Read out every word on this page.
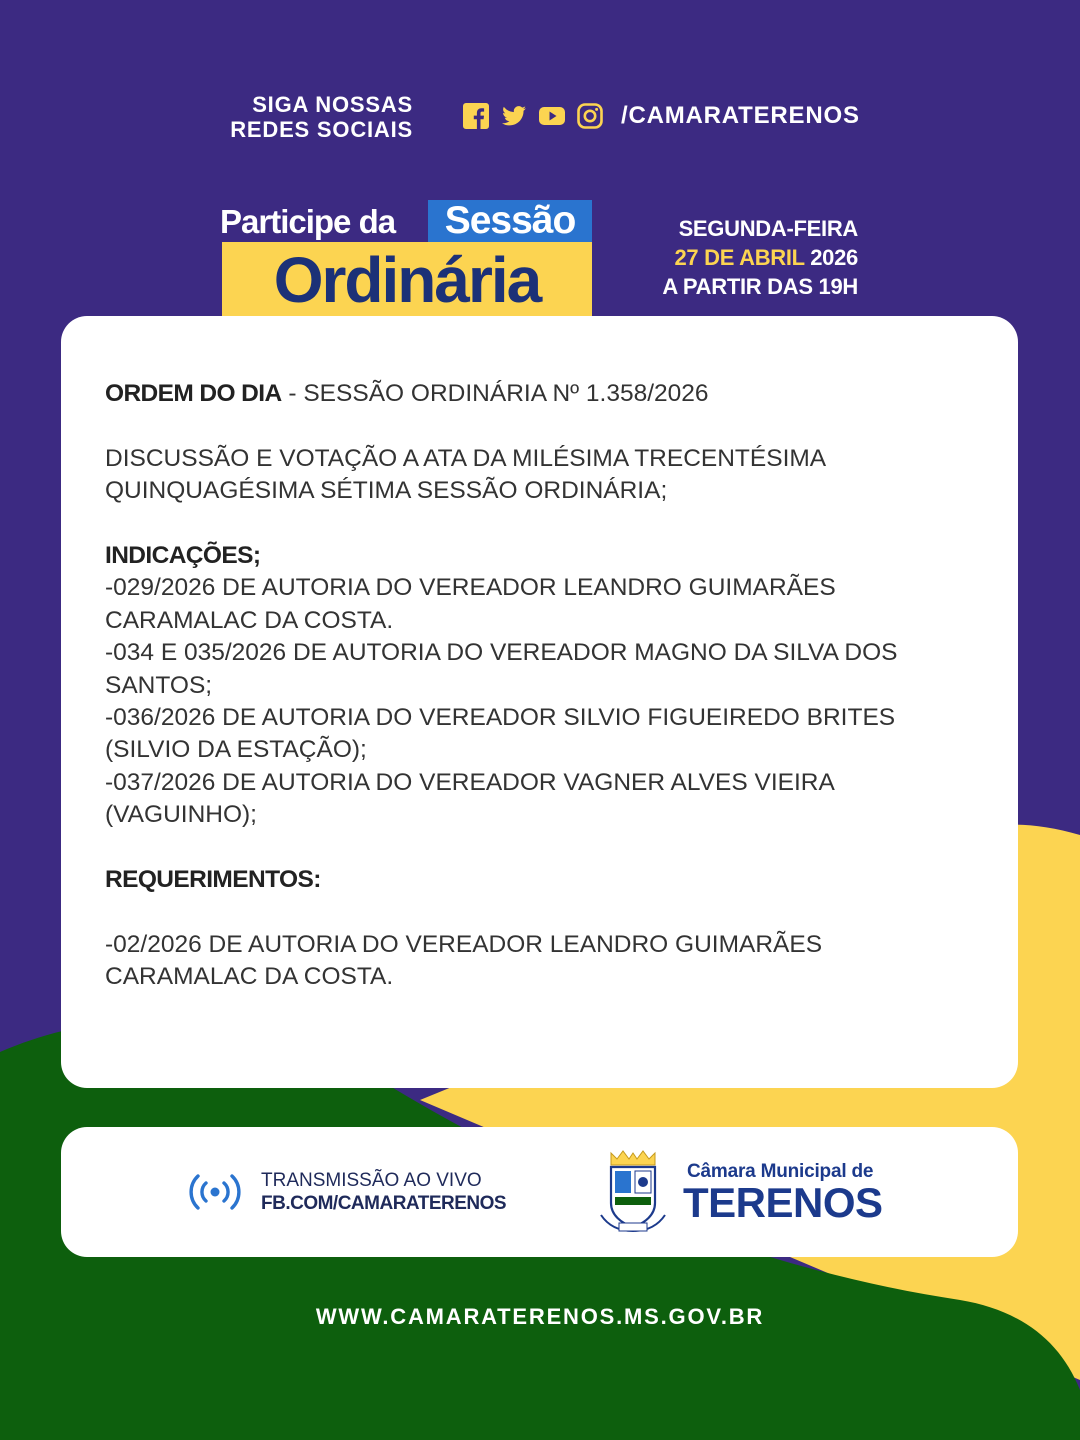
SIGA NOSSAS
REDES SOCIAIS
/CAMARATERENOS
Participe da	Sessão
Ordinária
SEGUNDA-FEIRA
27 DE ABRIL 2026
A PARTIR DAS 19H

ORDEM DO DIA - SESSÃO ORDINÁRIA Nº 1.358/2026

DISCUSSÃO E VOTAÇÃO A ATA DA MILÉSIMA TRECENTÉSIMA
QUINQUAGÉSIMA SÉTIMA SESSÃO ORDINÁRIA;

INDICAÇÕES;

-029/2026 DE AUTORIA DO VEREADOR LEANDRO GUIMARÃES
CARAMALAC DA COSTA.

-034 E 035/2026 DE AUTORIA DO VEREADOR MAGNO DA SILVA DOS
SANTOS;

-036/2026 DE AUTORIA DO VEREADOR SILVIO FIGUEIREDO BRITES
(SILVIO DA ESTAÇÃO);

-037/2026 DE AUTORIA DO VEREADOR VAGNER ALVES VIEIRA
(VAGUINHO);

REQUERIMENTOS:

-02/2026 DE AUTORIA DO VEREADOR LEANDRO GUIMARÃES
CARAMALAC DA COSTA.

TRANSMISSÃO AO VIVO
FB.COM/CAMARATERENOS
Câmara Municipal de
TERENOS
WWW.CAMARATERENOS.MS.GOV.BR
